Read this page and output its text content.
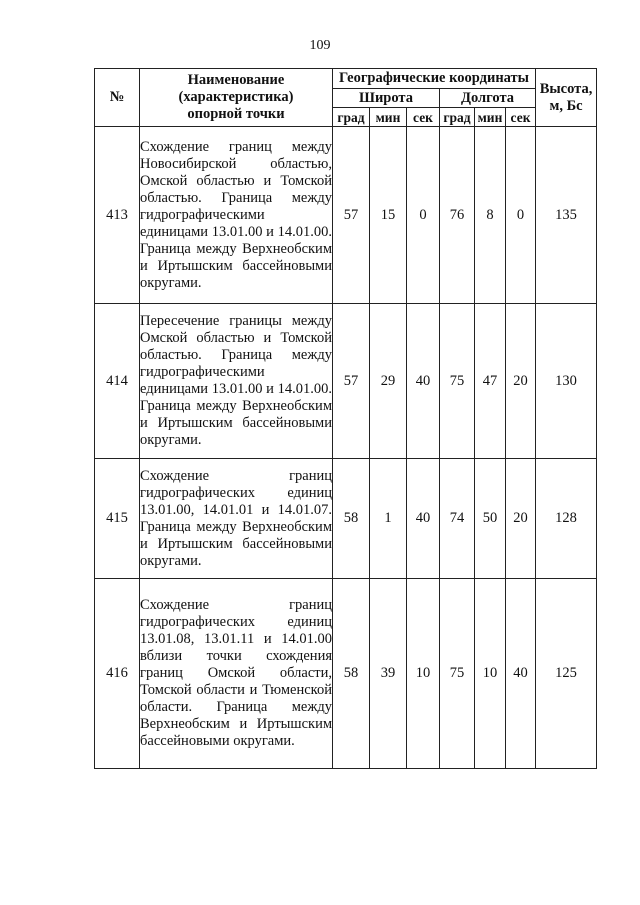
109
№	Наименование (характеристика) опорной точки	Географические координаты						Высота, м, Бс
		Широта			Долгота			
		град	мин	сек	град	мин	сек	
413	Схождение границ между Новосибирской областью, Омской областью и Томской областью. Граница между гидрографическими единицами 13.01.00 и 14.01.00. Граница между Верхнеобским и Иртышским бассейновыми округами.	57	15	0	76	8	0	135
414	Пересечение границы между Омской областью и Томской областью. Граница между гидрографическими единицами 13.01.00 и 14.01.00. Граница между Верхнеобским и Иртышским бассейновыми округами.	57	29	40	75	47	20	130
415	Схождение границ гидрографических единиц 13.01.00, 14.01.01 и 14.01.07. Граница между Верхнеобским и Иртышским бассейновыми округами.	58	1	40	74	50	20	128
416	Схождение границ гидрографических единиц 13.01.08, 13.01.11 и 14.01.00 вблизи точки схождения границ Омской области, Томской области и Тюменской области. Граница между Верхнеобским и Иртышским бассейновыми округами.	58	39	10	75	10	40	125
